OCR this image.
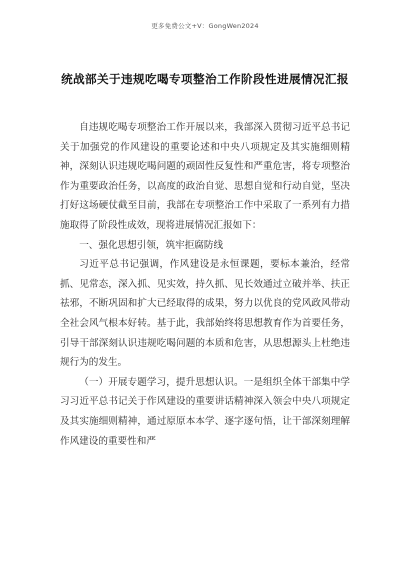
更多免费公文+V：GongWen2024
统战部关于违规吃喝专项整治工作阶段性进展情况汇报

自违规吃喝专项整治工作开展以来，我部深入贯彻习近平总书记关于加强党的作风建设的重要论述和中央八项规定及其实施细则精神，深刻认识违规吃喝问题的顽固性反复性和严重危害，将专项整治作为重要政治任务，以高度的政治自觉、思想自觉和行动自觉，坚决打好这场硬仗截至目前，我部在专项整治工作中采取了一系列有力措施取得了阶段性成效，现将进展情况汇报如下：

一、强化思想引领，筑牢拒腐防线

习近平总书记强调，作风建设是永恒课题，要标本兼治，经常抓、见常态，深入抓、见实效，持久抓、见长效通过立破并举、扶正祛邪，不断巩固和扩大已经取得的成果，努力以优良的党风政风带动全社会风气根本好转。基于此，我部始终将思想教育作为首要任务，引导干部深刻认识违规吃喝问题的本质和危害，从思想源头上杜绝违规行为的发生。

（一）开展专题学习，提升思想认识。一是组织全体干部集中学习习近平总书记关于作风建设的重要讲话精神深入领会中央八项规定及其实施细则精神，通过原原本本学、逐字逐句悟，让干部深刻理解作风建设的重要性和严
